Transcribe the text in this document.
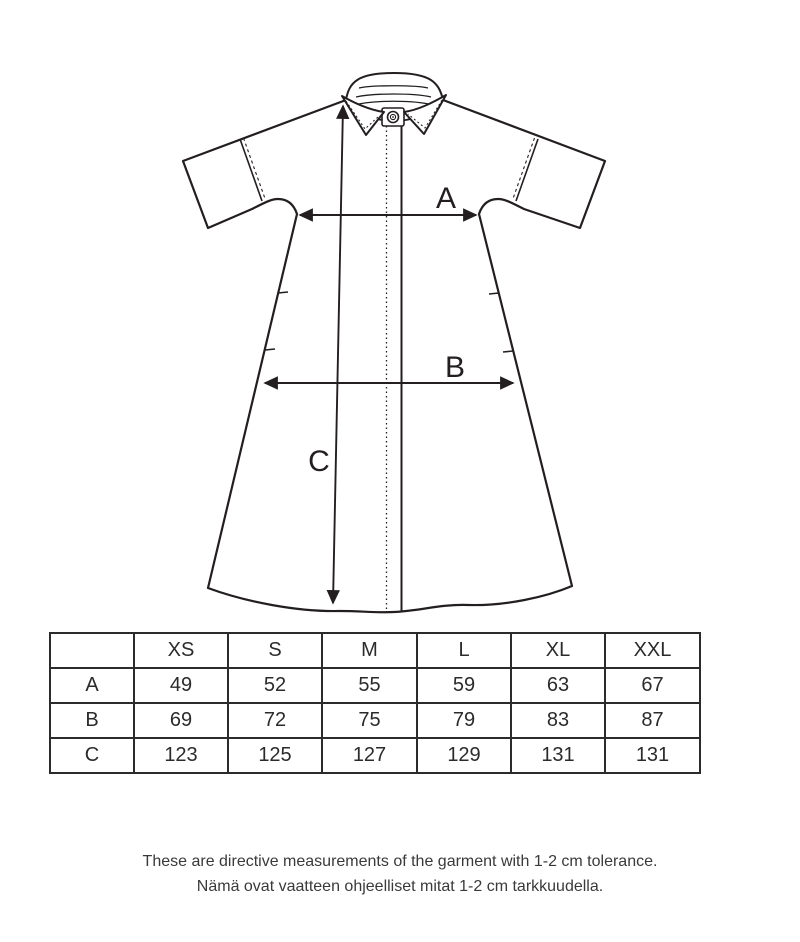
A
B
C
	XS	S	M	L	XL	XXL
A	49	52	55	59	63	67
B	69	72	75	79	83	87
C	123	125	127	129	131	131
These are directive measurements of the garment with 1-2 cm tolerance.
Nämä ovat vaatteen ohjeelliset mitat 1-2 cm tarkkuudella.
